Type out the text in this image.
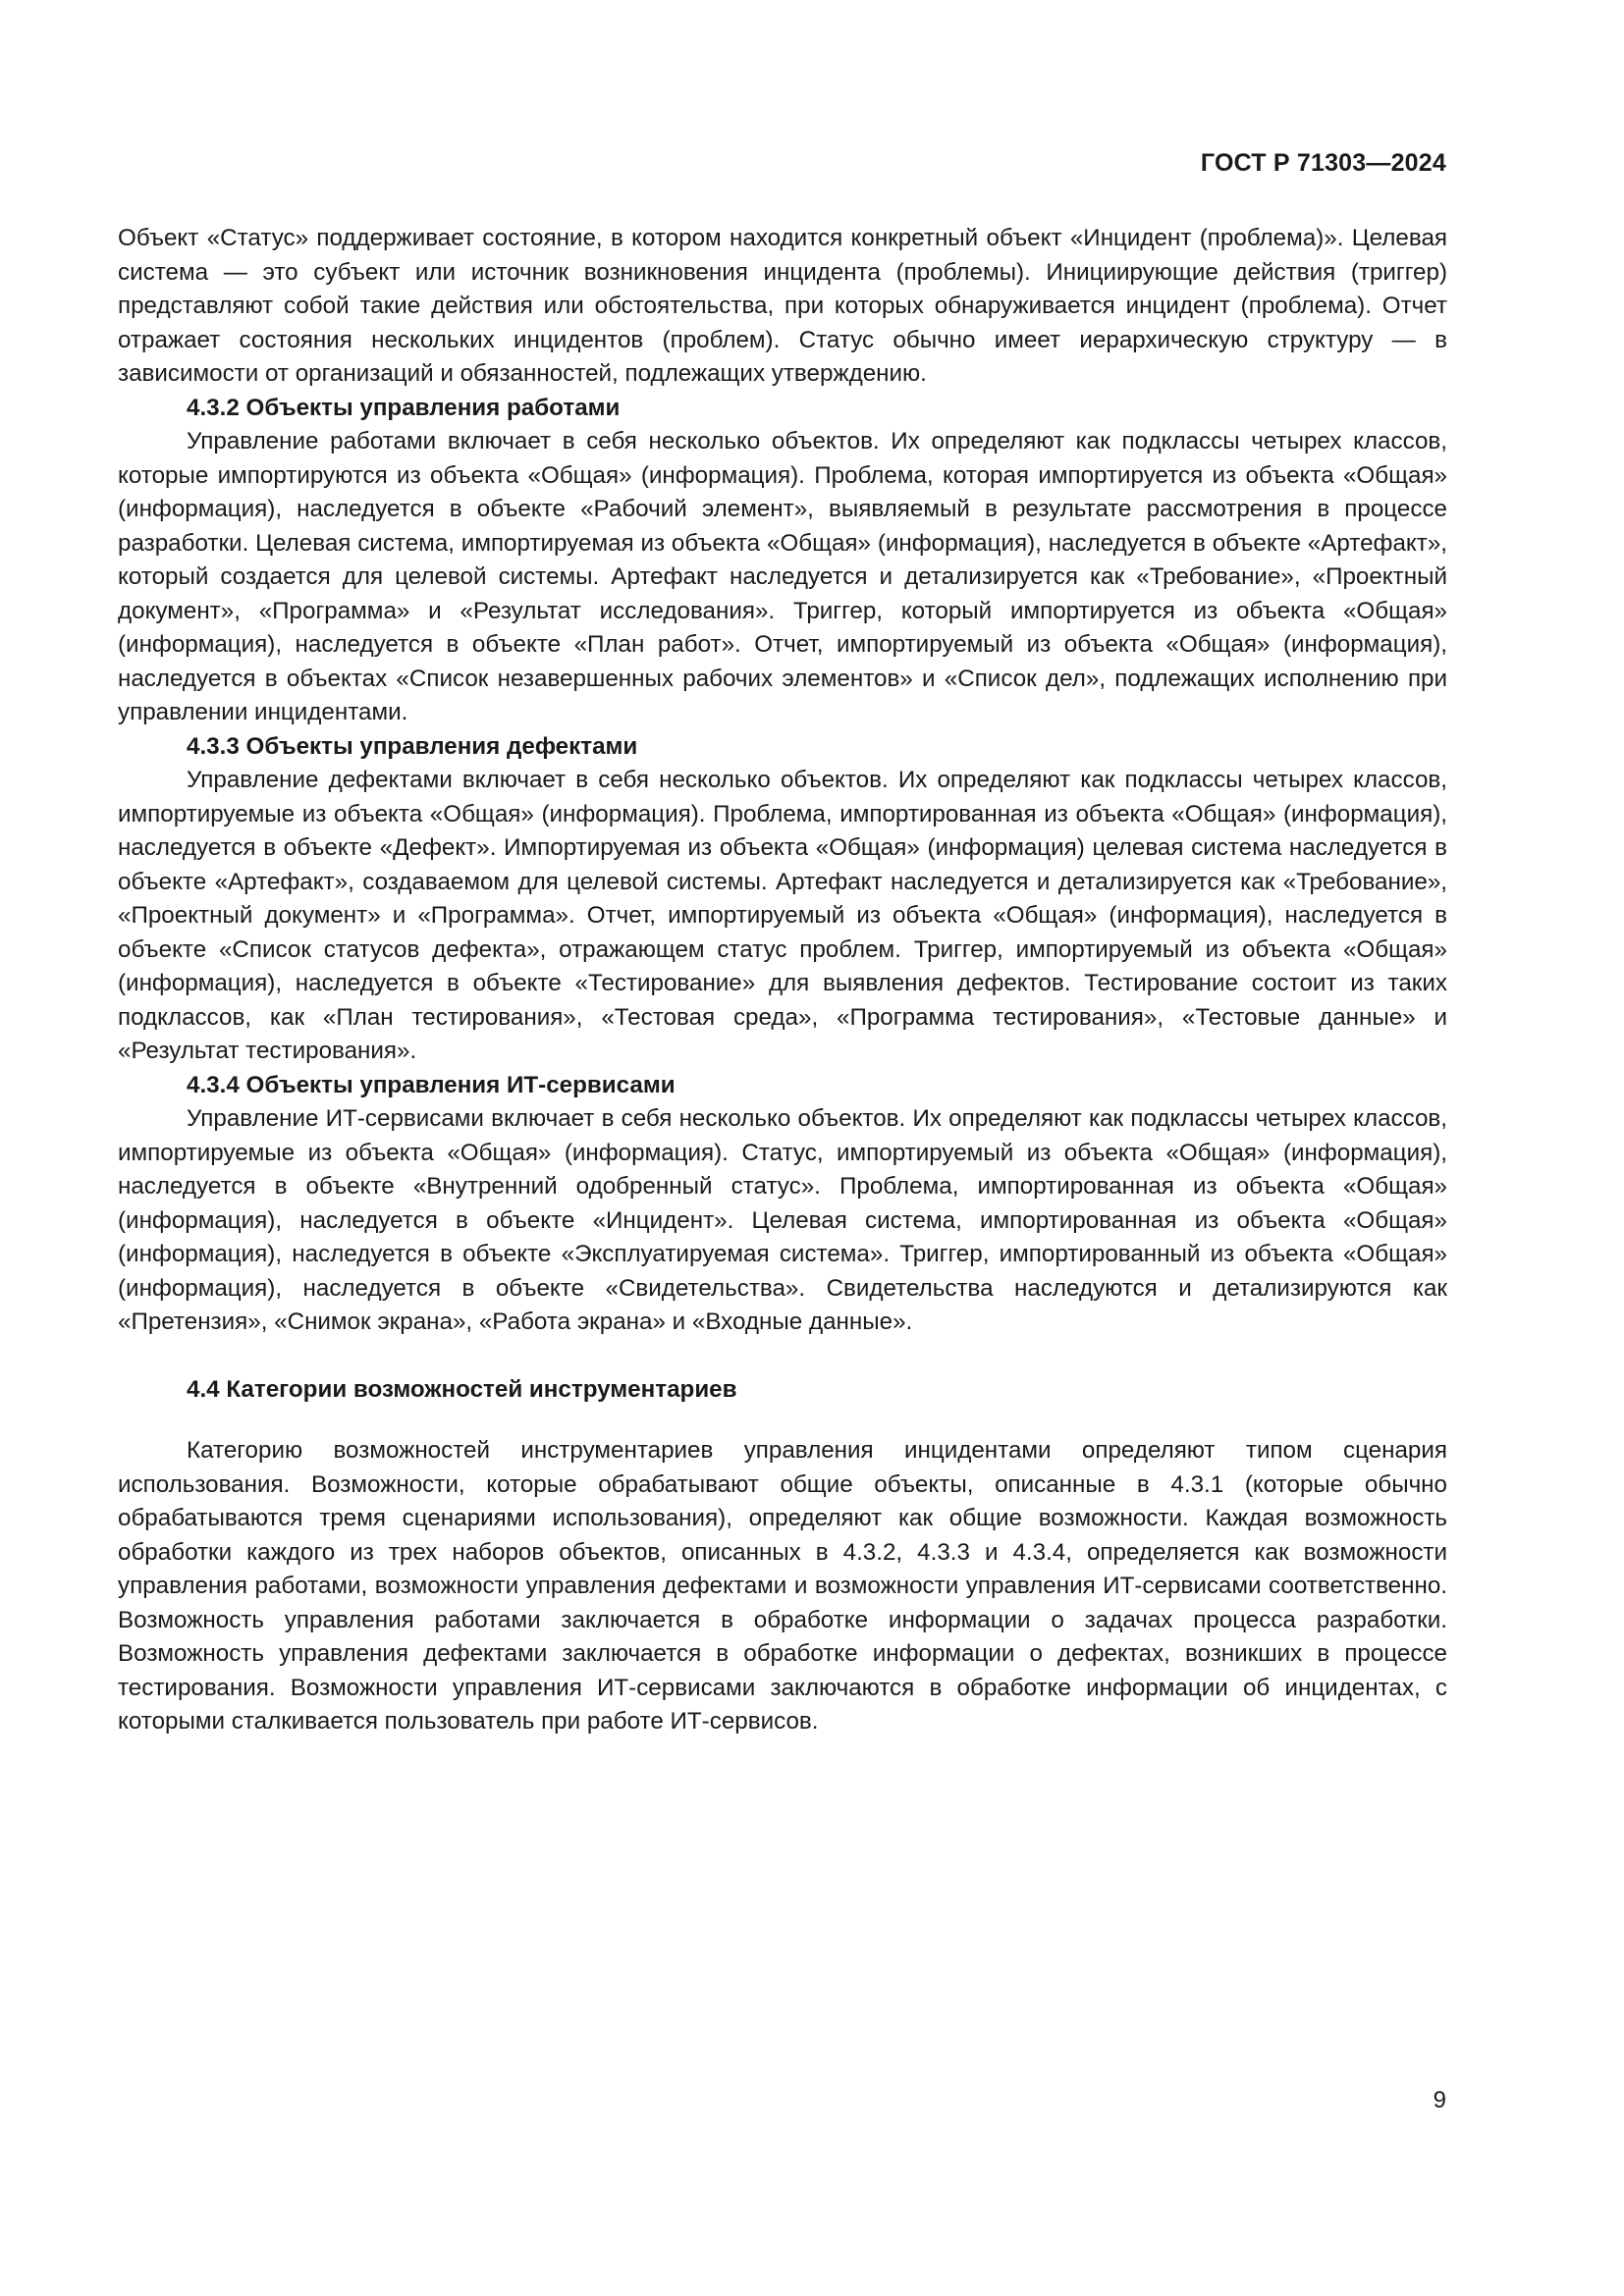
ГОСТ Р 71303—2024

Объект «Статус» поддерживает состояние, в котором находится конкретный объект «Инцидент (проблема)». Целевая система — это субъект или источник возникновения инцидента (проблемы). Инициирующие действия (триггер) представляют собой такие действия или обстоятельства, при которых обнаруживается инцидент (проблема). Отчет отражает состояния нескольких инцидентов (проблем). Статус обычно имеет иерархическую структуру — в зависимости от организаций и обязанностей, подлежащих утверждению.

4.3.2 Объекты управления работами

Управление работами включает в себя несколько объектов. Их определяют как подклассы четырех классов, которые импортируются из объекта «Общая» (информация). Проблема, которая импортируется из объекта «Общая» (информация), наследуется в объекте «Рабочий элемент», выявляемый в результате рассмотрения в процессе разработки. Целевая система, импортируемая из объекта «Общая» (информация), наследуется в объекте «Артефакт», который создается для целевой системы. Артефакт наследуется и детализируется как «Требование», «Проектный документ», «Программа» и «Результат исследования». Триггер, который импортируется из объекта «Общая» (информация), наследуется в объекте «План работ». Отчет, импортируемый из объекта «Общая» (информация), наследуется в объектах «Список незавершенных рабочих элементов» и «Список дел», подлежащих исполнению при управлении инцидентами.

4.3.3 Объекты управления дефектами

Управление дефектами включает в себя несколько объектов. Их определяют как подклассы четырех классов, импортируемые из объекта «Общая» (информация). Проблема, импортированная из объекта «Общая» (информация), наследуется в объекте «Дефект». Импортируемая из объекта «Общая» (информация) целевая система наследуется в объекте «Артефакт», создаваемом для целевой системы. Артефакт наследуется и детализируется как «Требование», «Проектный документ» и «Программа». Отчет, импортируемый из объекта «Общая» (информация), наследуется в объекте «Список статусов дефекта», отражающем статус проблем. Триггер, импортируемый из объекта «Общая» (информация), наследуется в объекте «Тестирование» для выявления дефектов. Тестирование состоит из таких подклассов, как «План тестирования», «Тестовая среда», «Программа тестирования», «Тестовые данные» и «Результат тестирования».

4.3.4 Объекты управления ИТ-сервисами

Управление ИТ-сервисами включает в себя несколько объектов. Их определяют как подклассы четырех классов, импортируемые из объекта «Общая» (информация). Статус, импортируемый из объекта «Общая» (информация), наследуется в объекте «Внутренний одобренный статус». Проблема, импортированная из объекта «Общая» (информация), наследуется в объекте «Инцидент». Целевая система, импортированная из объекта «Общая» (информация), наследуется в объекте «Эксплуатируемая система». Триггер, импортированный из объекта «Общая» (информация), наследуется в объекте «Свидетельства». Свидетельства наследуются и детализируются как «Претензия», «Снимок экрана», «Работа экрана» и «Входные данные».

4.4 Категории возможностей инструментариев

Категорию возможностей инструментариев управления инцидентами определяют типом сценария использования. Возможности, которые обрабатывают общие объекты, описанные в 4.3.1 (которые обычно обрабатываются тремя сценариями использования), определяют как общие возможности. Каждая возможность обработки каждого из трех наборов объектов, описанных в 4.3.2, 4.3.3 и 4.3.4, определяется как возможности управления работами, возможности управления дефектами и возможности управления ИТ-сервисами соответственно. Возможность управления работами заключается в обработке информации о задачах процесса разработки. Возможность управления дефектами заключается в обработке информации о дефектах, возникших в процессе тестирования. Возможности управления ИТ-сервисами заключаются в обработке информации об инцидентах, с которыми сталкивается пользователь при работе ИТ-сервисов.

9
